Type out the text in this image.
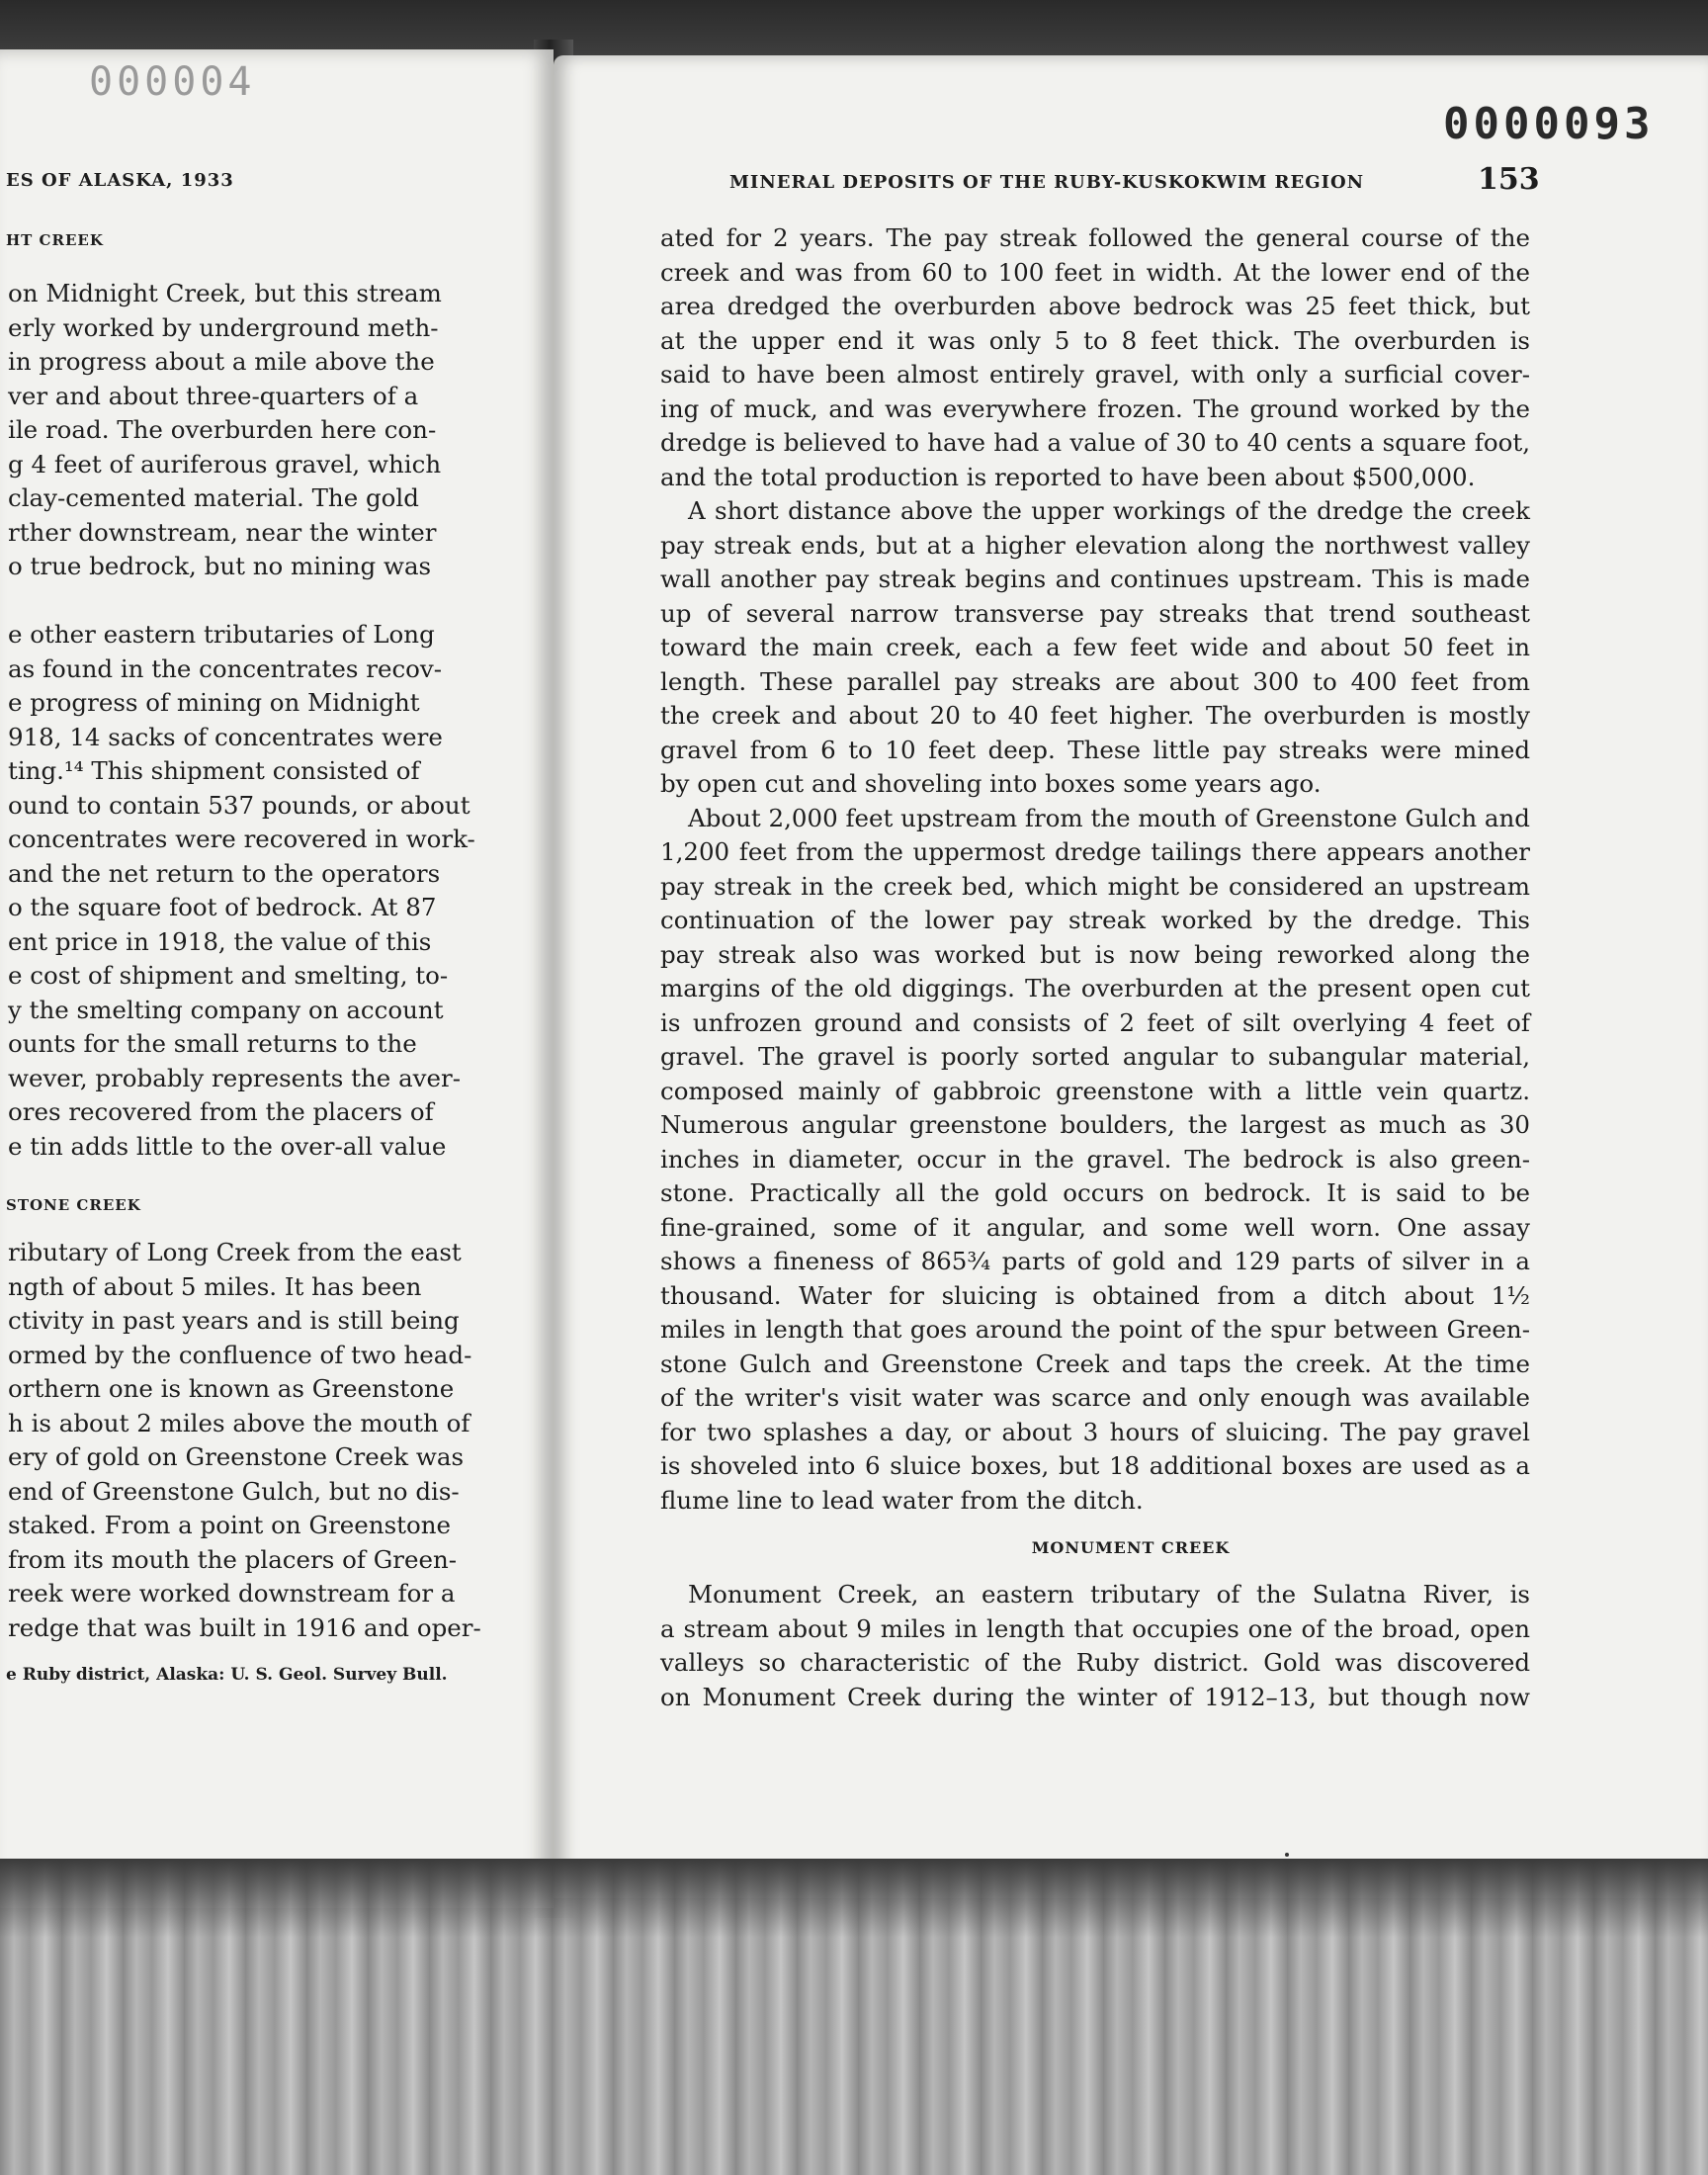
000004
ES OF ALASKA, 1933
HT CREEK
on Midnight Creek, but this stream
erly worked by underground meth-
in progress about a mile above the
ver and about three-quarters of a
ile road. The overburden here con-
g 4 feet of auriferous gravel, which
clay-cemented material. The gold
rther downstream, near the winter
o true bedrock, but no mining was

e other eastern tributaries of Long
as found in the concentrates recov-
e progress of mining on Midnight
918, 14 sacks of concentrates were
ting.¹⁴ This shipment consisted of
ound to contain 537 pounds, or about
concentrates were recovered in work-
and the net return to the operators
o the square foot of bedrock. At 87
ent price in 1918, the value of this
e cost of shipment and smelting, to-
y the smelting company on account
ounts for the small returns to the
wever, probably represents the aver-
ores recovered from the placers of
e tin adds little to the over-all value
STONE CREEK
ributary of Long Creek from the east
ngth of about 5 miles. It has been
ctivity in past years and is still being
ormed by the confluence of two head-
orthern one is known as Greenstone
h is about 2 miles above the mouth of
ery of gold on Greenstone Creek was
end of Greenstone Gulch, but no dis-
staked. From a point on Greenstone
from its mouth the placers of Green-
reek were worked downstream for a
redge that was built in 1916 and oper-
e Ruby district, Alaska: U. S. Geol. Survey Bull.
0000093
MINERAL DEPOSITS OF THE RUBY-KUSKOKWIM REGION	153
ated for 2 years. The pay streak followed the general course of the
creek and was from 60 to 100 feet in width. At the lower end of the
area dredged the overburden above bedrock was 25 feet thick, but
at the upper end it was only 5 to 8 feet thick. The overburden is
said to have been almost entirely gravel, with only a surficial cover-
ing of muck, and was everywhere frozen. The ground worked by the
dredge is believed to have had a value of 30 to 40 cents a square foot,
and the total production is reported to have been about $500,000.
A short distance above the upper workings of the dredge the creek
pay streak ends, but at a higher elevation along the northwest valley
wall another pay streak begins and continues upstream. This is made
up of several narrow transverse pay streaks that trend southeast
toward the main creek, each a few feet wide and about 50 feet in
length. These parallel pay streaks are about 300 to 400 feet from
the creek and about 20 to 40 feet higher. The overburden is mostly
gravel from 6 to 10 feet deep. These little pay streaks were mined
by open cut and shoveling into boxes some years ago.
About 2,000 feet upstream from the mouth of Greenstone Gulch and
1,200 feet from the uppermost dredge tailings there appears another
pay streak in the creek bed, which might be considered an upstream
continuation of the lower pay streak worked by the dredge. This
pay streak also was worked but is now being reworked along the
margins of the old diggings. The overburden at the present open cut
is unfrozen ground and consists of 2 feet of silt overlying 4 feet of
gravel. The gravel is poorly sorted angular to subangular material,
composed mainly of gabbroic greenstone with a little vein quartz.
Numerous angular greenstone boulders, the largest as much as 30
inches in diameter, occur in the gravel. The bedrock is also green-
stone. Practically all the gold occurs on bedrock. It is said to be
fine-grained, some of it angular, and some well worn. One assay
shows a fineness of 865¾ parts of gold and 129 parts of silver in a
thousand. Water for sluicing is obtained from a ditch about 1½
miles in length that goes around the point of the spur between Green-
stone Gulch and Greenstone Creek and taps the creek. At the time
of the writer's visit water was scarce and only enough was available
for two splashes a day, or about 3 hours of sluicing. The pay gravel
is shoveled into 6 sluice boxes, but 18 additional boxes are used as a
flume line to lead water from the ditch.
MONUMENT CREEK
Monument Creek, an eastern tributary of the Sulatna River, is
a stream about 9 miles in length that occupies one of the broad, open
valleys so characteristic of the Ruby district. Gold was discovered
on Monument Creek during the winter of 1912–13, but though now
